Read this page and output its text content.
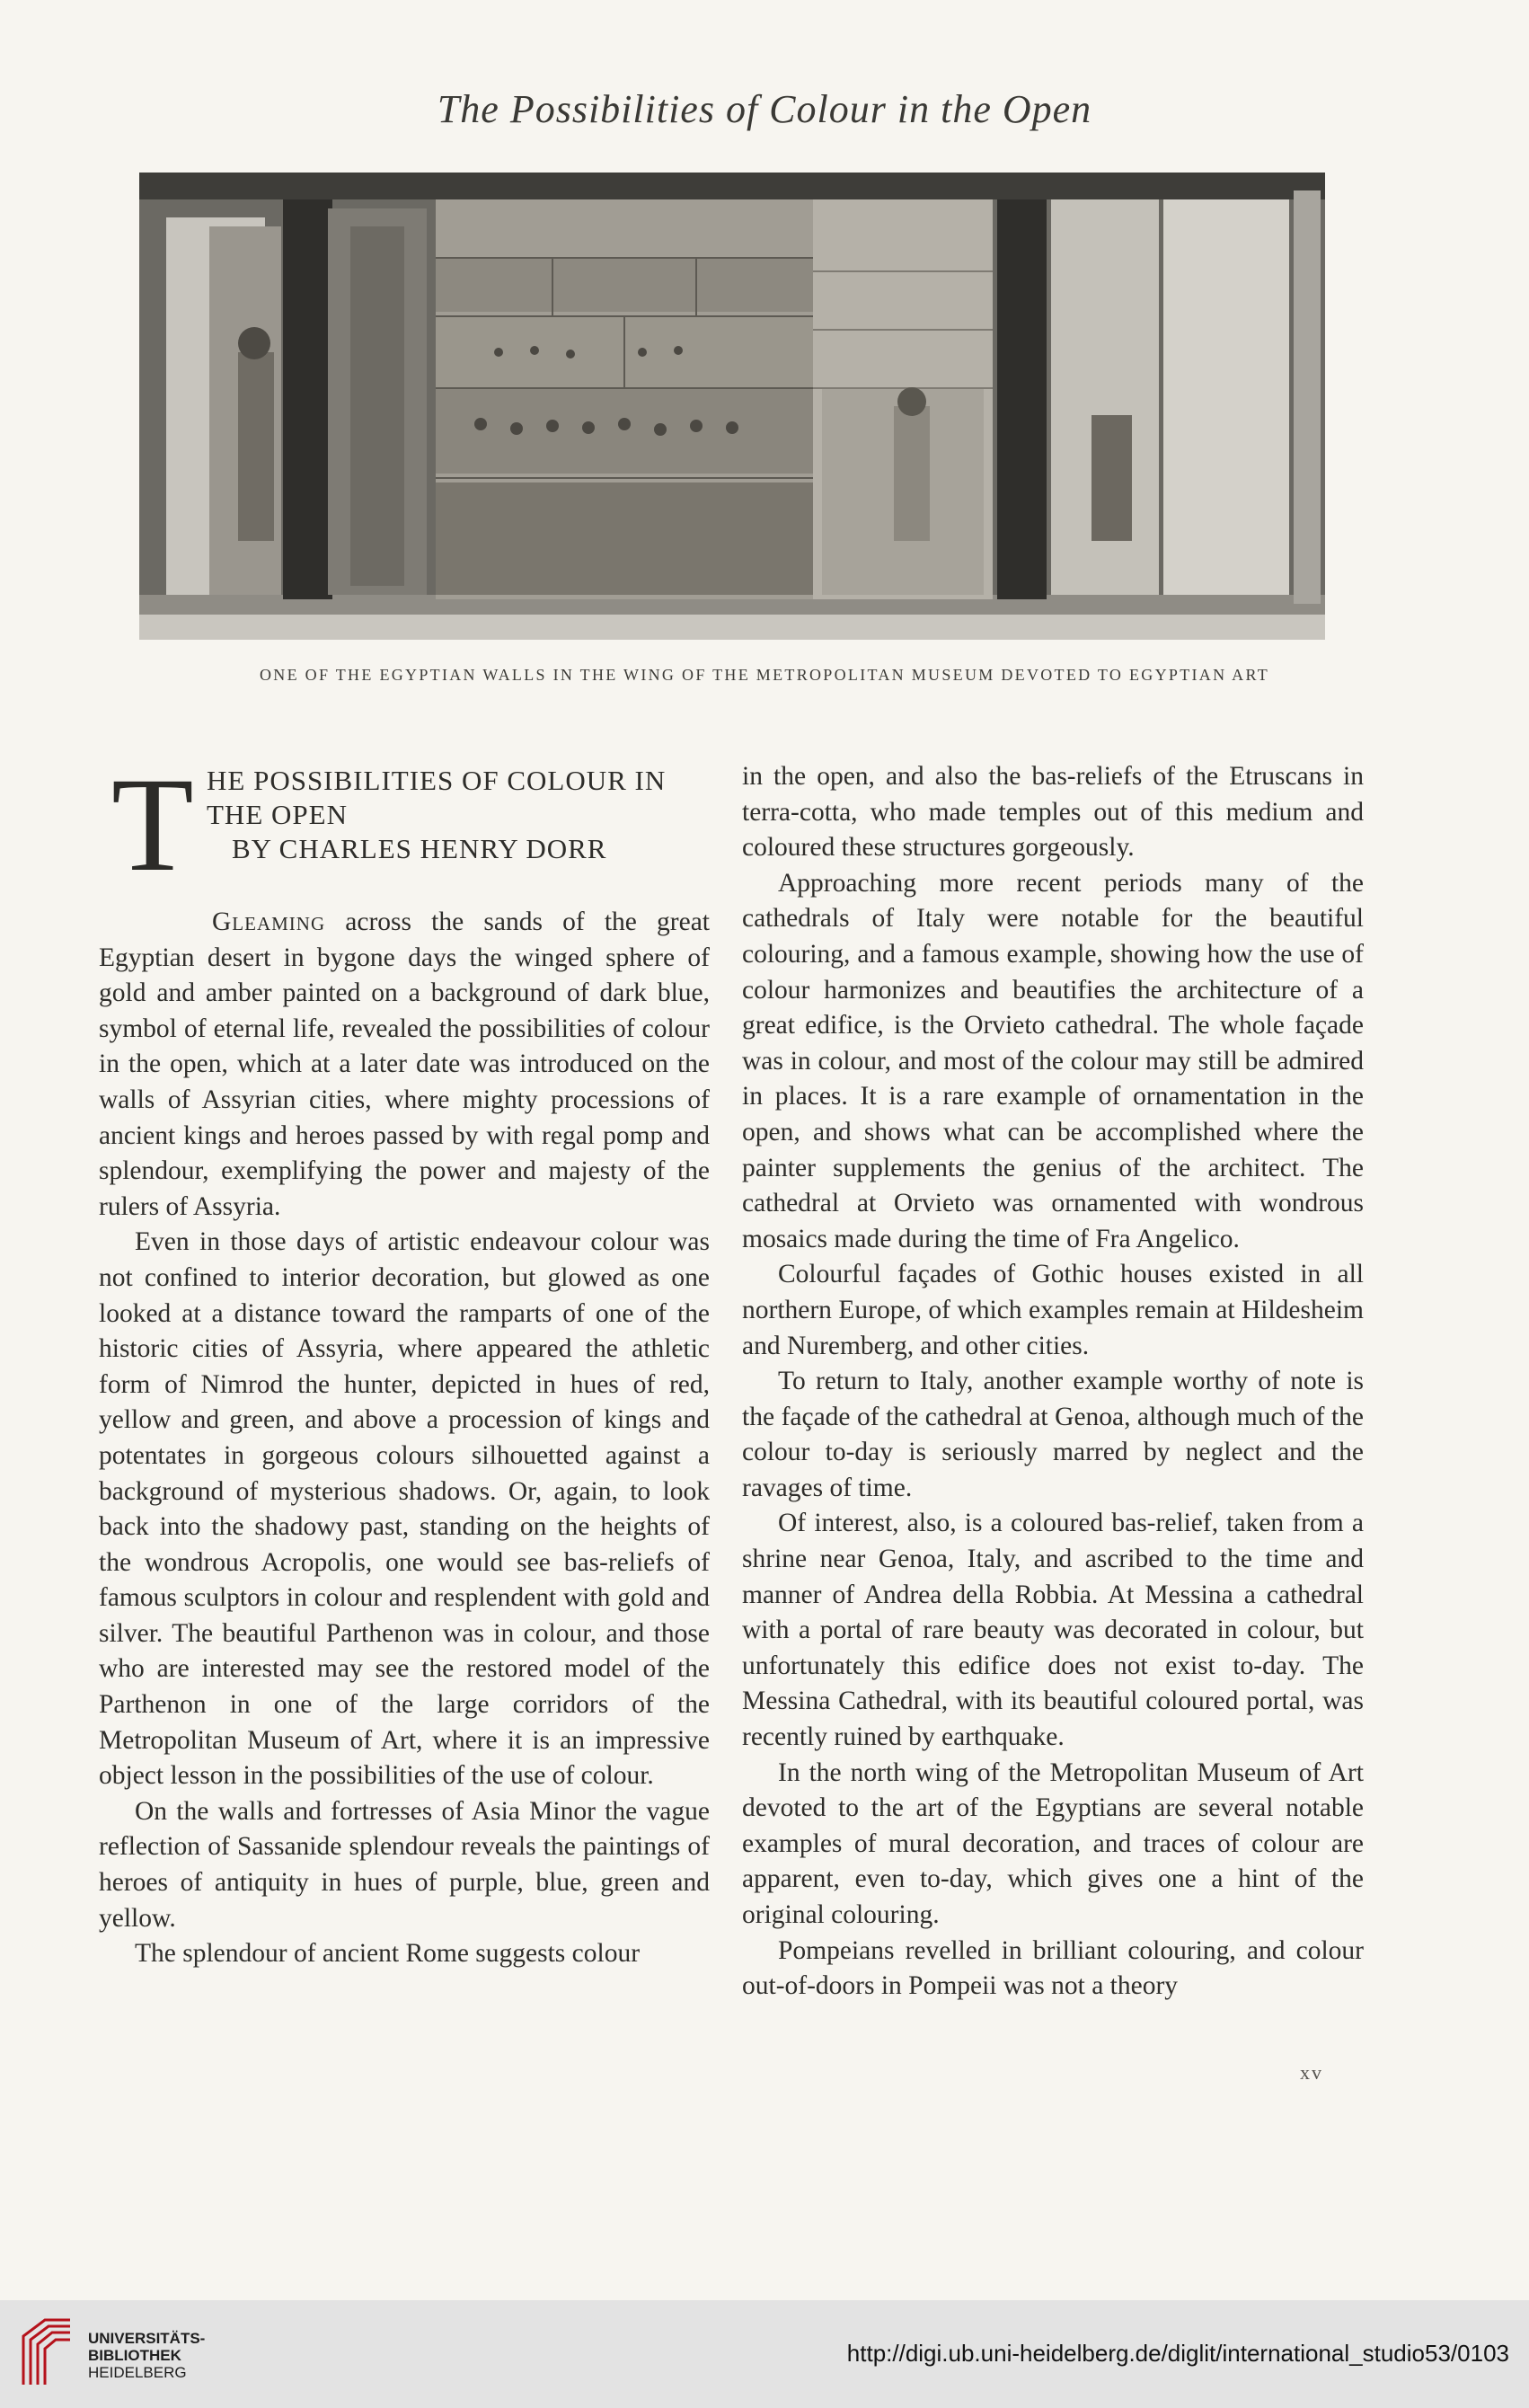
The Possibilities of Colour in the Open
ONE OF THE EGYPTIAN WALLS IN THE WING OF THE METROPOLITAN MUSEUM DEVOTED TO EGYPTIAN ART
T HE POSSIBILITIES OF COLOUR IN
THE OPEN
BY CHARLES HENRY DORR

Gleaming across the sands of the great Egyptian desert in bygone days the winged sphere of gold and amber painted on a background of dark blue, symbol of eternal life, revealed the possibilities of colour in the open, which at a later date was introduced on the walls of Assyrian cities, where mighty processions of ancient kings and heroes passed by with regal pomp and splendour, exemplifying the power and majesty of the rulers of Assyria.

Even in those days of artistic endeavour colour was not confined to interior decoration, but glowed as one looked at a distance toward the ramparts of one of the historic cities of Assyria, where appeared the athletic form of Nimrod the hunter, depicted in hues of red, yellow and green, and above a procession of kings and potentates in gorgeous colours silhouetted against a background of mysterious shadows. Or, again, to look back into the shadowy past, standing on the heights of the wondrous Acropolis, one would see bas-reliefs of famous sculptors in colour and resplendent with gold and silver. The beautiful Parthenon was in colour, and those who are interested may see the restored model of the Parthenon in one of the large corridors of the Metropolitan Museum of Art, where it is an impressive object lesson in the possibilities of the use of colour.

On the walls and fortresses of Asia Minor the vague reflection of Sassanide splendour reveals the paintings of heroes of antiquity in hues of purple, blue, green and yellow.

The splendour of ancient Rome suggests colour

in the open, and also the bas-reliefs of the Etruscans in terra-cotta, who made temples out of this medium and coloured these structures gorgeously.

Approaching more recent periods many of the cathedrals of Italy were notable for the beautiful colouring, and a famous example, showing how the use of colour harmonizes and beautifies the architecture of a great edifice, is the Orvieto cathedral. The whole façade was in colour, and most of the colour may still be admired in places. It is a rare example of ornamentation in the open, and shows what can be accomplished where the painter supplements the genius of the architect. The cathedral at Orvieto was ornamented with wondrous mosaics made during the time of Fra Angelico.

Colourful façades of Gothic houses existed in all northern Europe, of which examples remain at Hildesheim and Nuremberg, and other cities.

To return to Italy, another example worthy of note is the façade of the cathedral at Genoa, although much of the colour to-day is seriously marred by neglect and the ravages of time.

Of interest, also, is a coloured bas-relief, taken from a shrine near Genoa, Italy, and ascribed to the time and manner of Andrea della Robbia. At Messina a cathedral with a portal of rare beauty was decorated in colour, but unfortunately this edifice does not exist to-day. The Messina Cathedral, with its beautiful coloured portal, was recently ruined by earthquake.

In the north wing of the Metropolitan Museum of Art devoted to the art of the Egyptians are several notable examples of mural decoration, and traces of colour are apparent, even to-day, which gives one a hint of the original colouring.

Pompeians revelled in brilliant colouring, and colour out-of-doors in Pompeii was not a theory

xv
UNIVERSITÄTS-
BIBLIOTHEK
HEIDELBERG
http://digi.ub.uni-heidelberg.de/diglit/international_studio53/0103
